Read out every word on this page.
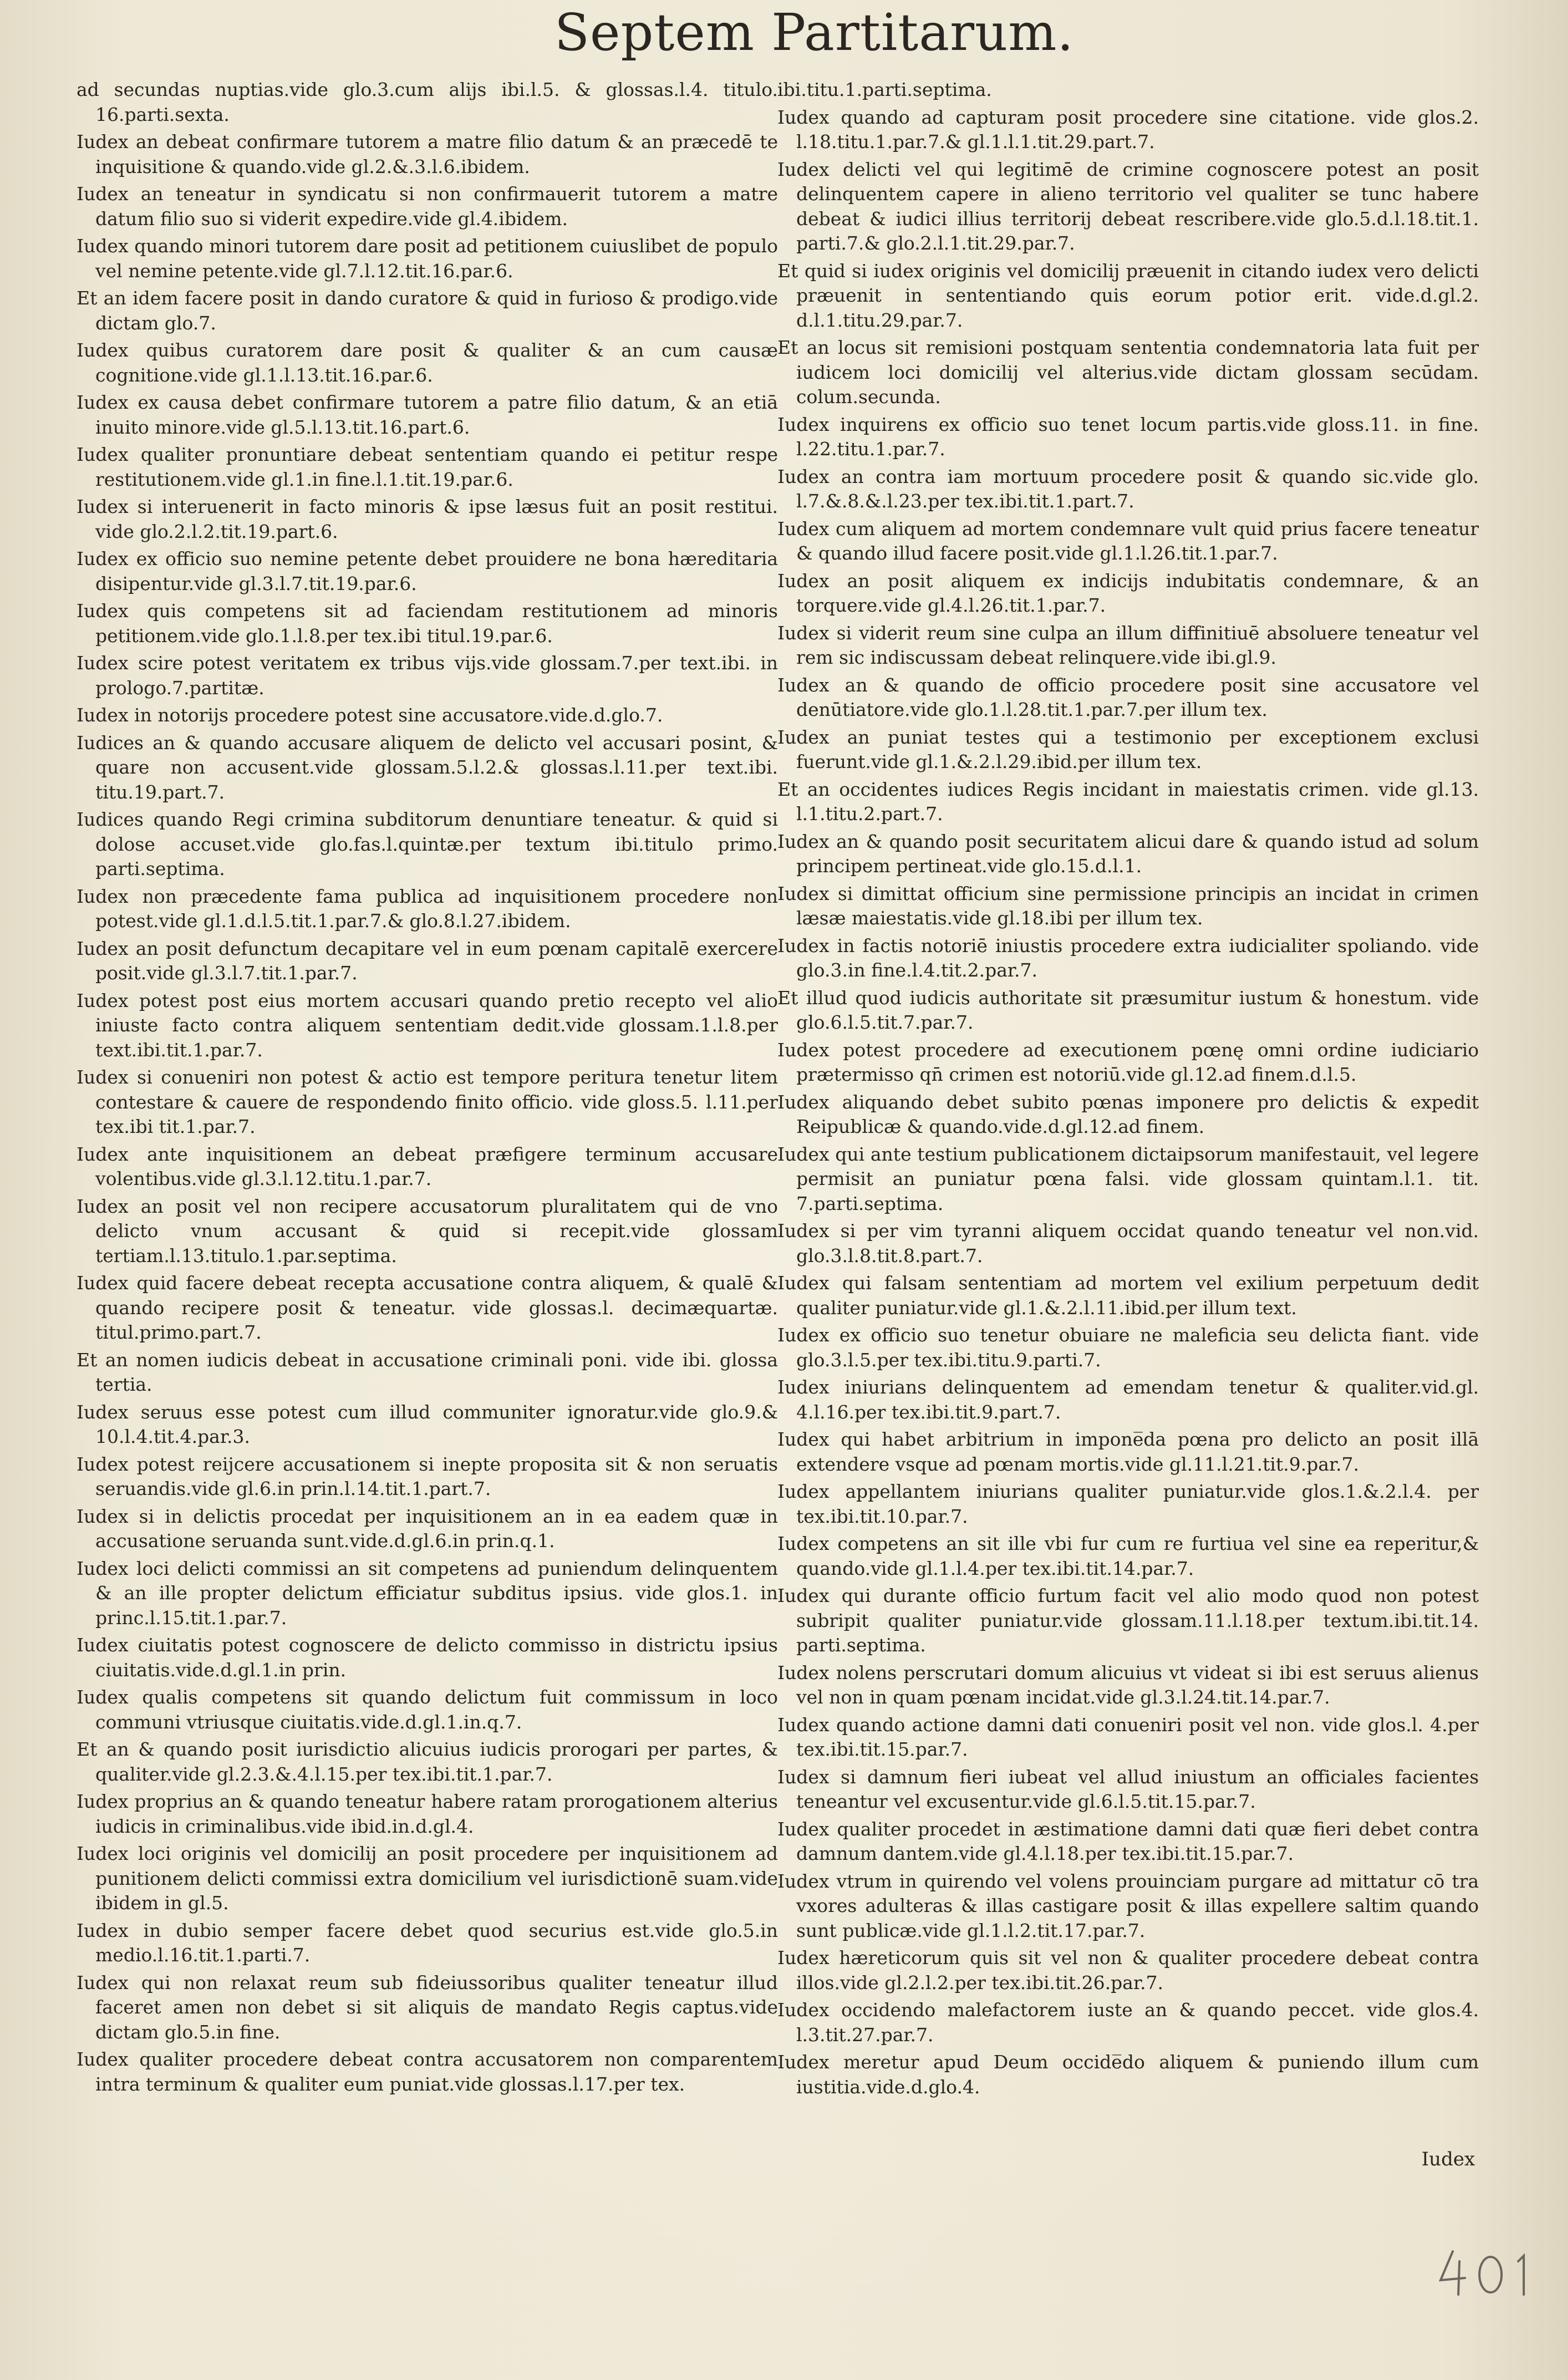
Septem Partitarum.

ad secundas nuptias.vide glo.3.cum alijs ibi.l.5. & glossas.l.4. titulo. 16.parti.sexta.

Iudex an debeat confirmare tutorem a matre filio datum & an præcedē te inquisitione & quando.vide gl.2.&.3.l.6.ibidem.

Iudex an teneatur in syndicatu si non confirmauerit tutorem a matre datum filio suo si viderit expedire.vide gl.4.ibidem.

Iudex quando minori tutorem dare posit ad petitionem cuiuslibet de populo vel nemine petente.vide gl.7.l.12.tit.16.par.6.

Et an idem facere posit in dando curatore & quid in furioso & prodigo.vide dictam glo.7.

Iudex quibus curatorem dare posit & qualiter & an cum causæ cognitione.vide gl.1.l.13.tit.16.par.6.

Iudex ex causa debet confirmare tutorem a patre filio datum, & an etiā inuito minore.vide gl.5.l.13.tit.16.part.6.

Iudex qualiter pronuntiare debeat sententiam quando ei petitur respe restitutionem.vide gl.1.in fine.l.1.tit.19.par.6.

Iudex si interuenerit in facto minoris & ipse læsus fuit an posit restitui. vide glo.2.l.2.tit.19.part.6.

Iudex ex officio suo nemine petente debet prouidere ne bona hæreditaria disipentur.vide gl.3.l.7.tit.19.par.6.

Iudex quis competens sit ad faciendam restitutionem ad minoris petitionem.vide glo.1.l.8.per tex.ibi titul.19.par.6.

Iudex scire potest veritatem ex tribus vijs.vide glossam.7.per text.ibi. in prologo.7.partitæ.

Iudex in notorijs procedere potest sine accusatore.vide.d.glo.7.

Iudices an & quando accusare aliquem de delicto vel accusari posint, & quare non accusent.vide glossam.5.l.2.& glossas.l.11.per text.ibi. titu.19.part.7.

Iudices quando Regi crimina subditorum denuntiare teneatur. & quid si dolose accuset.vide glo.fas.l.quintæ.per textum ibi.titulo primo. parti.septima.

Iudex non præcedente fama publica ad inquisitionem procedere non potest.vide gl.1.d.l.5.tit.1.par.7.& glo.8.l.27.ibidem.

Iudex an posit defunctum decapitare vel in eum pœnam capitalē exercere posit.vide gl.3.l.7.tit.1.par.7.

Iudex potest post eius mortem accusari quando pretio recepto vel alio iniuste facto contra aliquem sententiam dedit.vide glossam.1.l.8.per text.ibi.tit.1.par.7.

Iudex si conueniri non potest & actio est tempore peritura tenetur litem contestare & cauere de respondendo finito officio. vide gloss.5. l.11.per tex.ibi tit.1.par.7.

Iudex ante inquisitionem an debeat præfigere terminum accusare volentibus.vide gl.3.l.12.titu.1.par.7.

Iudex an posit vel non recipere accusatorum pluralitatem qui de vno delicto vnum accusant & quid si recepit.vide glossam tertiam.l.13.titulo.1.par.septima.

Iudex quid facere debeat recepta accusatione contra aliquem, & qualē & quando recipere posit & teneatur. vide glossas.l. decimæquartæ. titul.primo.part.7.

Et an nomen iudicis debeat in accusatione criminali poni. vide ibi. glossa tertia.

Iudex seruus esse potest cum illud communiter ignoratur.vide glo.9.& 10.l.4.tit.4.par.3.

Iudex potest reijcere accusationem si inepte proposita sit & non seruatis seruandis.vide gl.6.in prin.l.14.tit.1.part.7.

Iudex si in delictis procedat per inquisitionem an in ea eadem quæ in accusatione seruanda sunt.vide.d.gl.6.in prin.q.1.

Iudex loci delicti commissi an sit competens ad puniendum delinquentem & an ille propter delictum efficiatur subditus ipsius. vide glos.1. in princ.l.15.tit.1.par.7.

Iudex ciuitatis potest cognoscere de delicto commisso in districtu ipsius ciuitatis.vide.d.gl.1.in prin.

Iudex qualis competens sit quando delictum fuit commissum in loco communi vtriusque ciuitatis.vide.d.gl.1.in.q.7.

Et an & quando posit iurisdictio alicuius iudicis prorogari per partes, & qualiter.vide gl.2.3.&.4.l.15.per tex.ibi.tit.1.par.7.

Iudex proprius an & quando teneatur habere ratam prorogationem alterius iudicis in criminalibus.vide ibid.in.d.gl.4.

Iudex loci originis vel domicilij an posit procedere per inquisitionem ad punitionem delicti commissi extra domicilium vel iurisdictionē suam.vide ibidem in gl.5.

Iudex in dubio semper facere debet quod securius est.vide glo.5.in medio.l.16.tit.1.parti.7.

Iudex qui non relaxat reum sub fideiussoribus qualiter teneatur illud faceret amen non debet si sit aliquis de mandato Regis captus.vide dictam glo.5.in fine.

Iudex qualiter procedere debeat contra accusatorem non comparentem intra terminum & qualiter eum puniat.vide glossas.l.17.per tex.

ibi.titu.1.parti.septima.

Iudex quando ad capturam posit procedere sine citatione. vide glos.2. l.18.titu.1.par.7.& gl.1.l.1.tit.29.part.7.

Iudex delicti vel qui legitimē de crimine cognoscere potest an posit delinquentem capere in alieno territorio vel qualiter se tunc habere debeat & iudici illius territorij debeat rescribere.vide glo.5.d.l.18.tit.1. parti.7.& glo.2.l.1.tit.29.par.7.

Et quid si iudex originis vel domicilij præuenit in citando iudex vero delicti præuenit in sententiando quis eorum potior erit. vide.d.gl.2. d.l.1.titu.29.par.7.

Et an locus sit remisioni postquam sententia condemnatoria lata fuit per iudicem loci domicilij vel alterius.vide dictam glossam secūdam. colum.secunda.

Iudex inquirens ex officio suo tenet locum partis.vide gloss.11. in fine. l.22.titu.1.par.7.

Iudex an contra iam mortuum procedere posit & quando sic.vide glo. l.7.&.8.&.l.23.per tex.ibi.tit.1.part.7.

Iudex cum aliquem ad mortem condemnare vult quid prius facere teneatur & quando illud facere posit.vide gl.1.l.26.tit.1.par.7.

Iudex an posit aliquem ex indicijs indubitatis condemnare, & an torquere.vide gl.4.l.26.tit.1.par.7.

Iudex si viderit reum sine culpa an illum diffinitiuē absoluere teneatur vel rem sic indiscussam debeat relinquere.vide ibi.gl.9.

Iudex an & quando de officio procedere posit sine accusatore vel denūtiatore.vide glo.1.l.28.tit.1.par.7.per illum tex.

Iudex an puniat testes qui a testimonio per exceptionem exclusi fuerunt.vide gl.1.&.2.l.29.ibid.per illum tex.

Et an occidentes iudices Regis incidant in maiestatis crimen. vide gl.13. l.1.titu.2.part.7.

Iudex an & quando posit securitatem alicui dare & quando istud ad solum principem pertineat.vide glo.15.d.l.1.

Iudex si dimittat officium sine permissione principis an incidat in crimen læsæ maiestatis.vide gl.18.ibi per illum tex.

Iudex in factis notoriē iniustis procedere extra iudicialiter spoliando. vide glo.3.in fine.l.4.tit.2.par.7.

Et illud quod iudicis authoritate sit præsumitur iustum & honestum. vide glo.6.l.5.tit.7.par.7.

Iudex potest procedere ad executionem pœnę omni ordine iudiciario prætermisso qn̄ crimen est notoriū.vide gl.12.ad finem.d.l.5.

Iudex aliquando debet subito pœnas imponere pro delictis & expedit Reipublicæ & quando.vide.d.gl.12.ad finem.

Iudex qui ante testium publicationem dictaipsorum manifestauit, vel legere permisit an puniatur pœna falsi. vide glossam quintam.l.1. tit. 7.parti.septima.

Iudex si per vim tyranni aliquem occidat quando teneatur vel non.vid. glo.3.l.8.tit.8.part.7.

Iudex qui falsam sententiam ad mortem vel exilium perpetuum dedit qualiter puniatur.vide gl.1.&.2.l.11.ibid.per illum text.

Iudex ex officio suo tenetur obuiare ne maleficia seu delicta fiant. vide glo.3.l.5.per tex.ibi.titu.9.parti.7.

Iudex iniurians delinquentem ad emendam tenetur & qualiter.vid.gl. 4.l.16.per tex.ibi.tit.9.part.7.

Iudex qui habet arbitrium in impone̅da pœna pro delicto an posit illā extendere vsque ad pœnam mortis.vide gl.11.l.21.tit.9.par.7.

Iudex appellantem iniurians qualiter puniatur.vide glos.1.&.2.l.4. per tex.ibi.tit.10.par.7.

Iudex competens an sit ille vbi fur cum re furtiua vel sine ea reperitur,& quando.vide gl.1.l.4.per tex.ibi.tit.14.par.7.

Iudex qui durante officio furtum facit vel alio modo quod non potest subripit qualiter puniatur.vide glossam.11.l.18.per textum.ibi.tit.14. parti.septima.

Iudex nolens perscrutari domum alicuius vt videat si ibi est seruus alienus vel non in quam pœnam incidat.vide gl.3.l.24.tit.14.par.7.

Iudex quando actione damni dati conueniri posit vel non. vide glos.l. 4.per tex.ibi.tit.15.par.7.

Iudex si damnum fieri iubeat vel allud iniustum an officiales facientes teneantur vel excusentur.vide gl.6.l.5.tit.15.par.7.

Iudex qualiter procedet in æstimatione damni dati quæ fieri debet contra damnum dantem.vide gl.4.l.18.per tex.ibi.tit.15.par.7.

Iudex vtrum in quirendo vel volens prouinciam purgare ad mittatur cō tra vxores adulteras & illas castigare posit & illas expellere saltim quando sunt publicæ.vide gl.1.l.2.tit.17.par.7.

Iudex hæreticorum quis sit vel non & qualiter procedere debeat contra illos.vide gl.2.l.2.per tex.ibi.tit.26.par.7.

Iudex occidendo malefactorem iuste an & quando peccet. vide glos.4. l.3.tit.27.par.7.

Iudex meretur apud Deum occide̅do aliquem & puniendo illum cum iustitia.vide.d.glo.4.

Iudex
